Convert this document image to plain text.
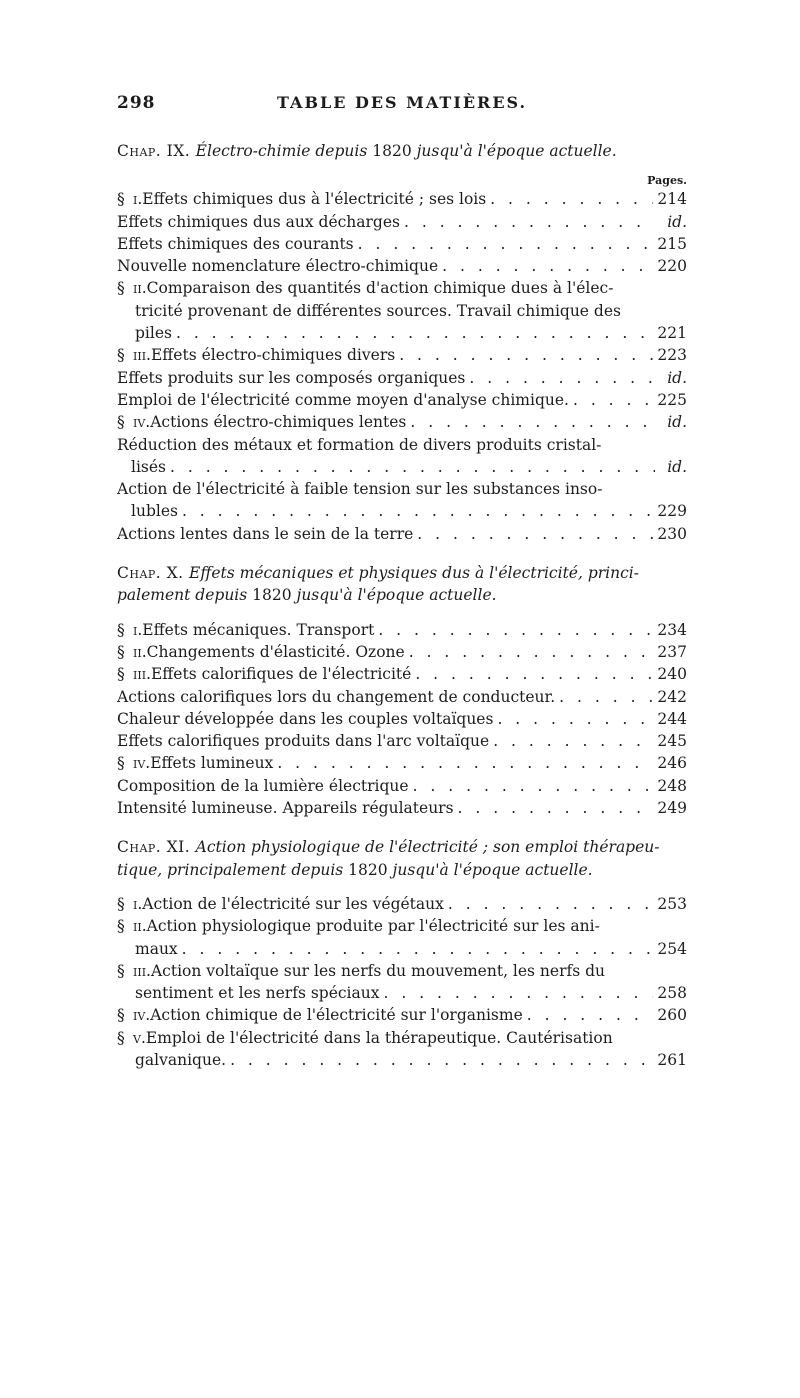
298	TABLE DES MATIÈRES.

Chap. IX. Électro-chimie depuis 1820 jusqu'à l'époque actuelle.

Pages.
§ i. Effets chimiques dus à l'électricité ; ses lois . . .	214
Effets chimiques dus aux décharges . . .	id.
Effets chimiques des courants . . .	215
Nouvelle nomenclature électro-chimique . . .	220
§ ii. Comparaison des quantités d'action chimique dues à l'élec-
tricité provenant de différentes sources. Travail chimique des
piles . . .	221
§ iii. Effets électro-chimiques divers . . .	223
Effets produits sur les composés organiques . . .	id.
Emploi de l'électricité comme moyen d'analyse chimique. . . .	225
§ iv. Actions électro-chimiques lentes . . .	id.
Réduction des métaux et formation de divers produits cristal-
lisés . . .	id.
Action de l'électricité à faible tension sur les substances inso-
lubles . . .	229
Actions lentes dans le sein de la terre . . .	230

Chap. X. Effets mécaniques et physiques dus à l'électricité, princi-
palement depuis 1820 jusqu'à l'époque actuelle.

§ i. Effets mécaniques. Transport . . .	234
§ ii. Changements d'élasticité. Ozone . . .	237
§ iii. Effets calorifiques de l'électricité . . .	240
Actions calorifiques lors du changement de conducteur. . . .	242
Chaleur développée dans les couples voltaïques . . .	244
Effets calorifiques produits dans l'arc voltaïque . . .	245
§ iv. Effets lumineux . . .	246
Composition de la lumière électrique . . .	248
Intensité lumineuse. Appareils régulateurs . . .	249

Chap. XI. Action physiologique de l'électricité ; son emploi thérapeu-
tique, principalement depuis 1820 jusqu'à l'époque actuelle.

§ i. Action de l'électricité sur les végétaux . . .	253
§ ii. Action physiologique produite par l'électricité sur les ani-
maux . . .	254
§ iii. Action voltaïque sur les nerfs du mouvement, les nerfs du
sentiment et les nerfs spéciaux . . .	258
§ iv. Action chimique de l'électricité sur l'organisme . . .	260
§ v. Emploi de l'électricité dans la thérapeutique. Cautérisation
galvanique. . . .	261
